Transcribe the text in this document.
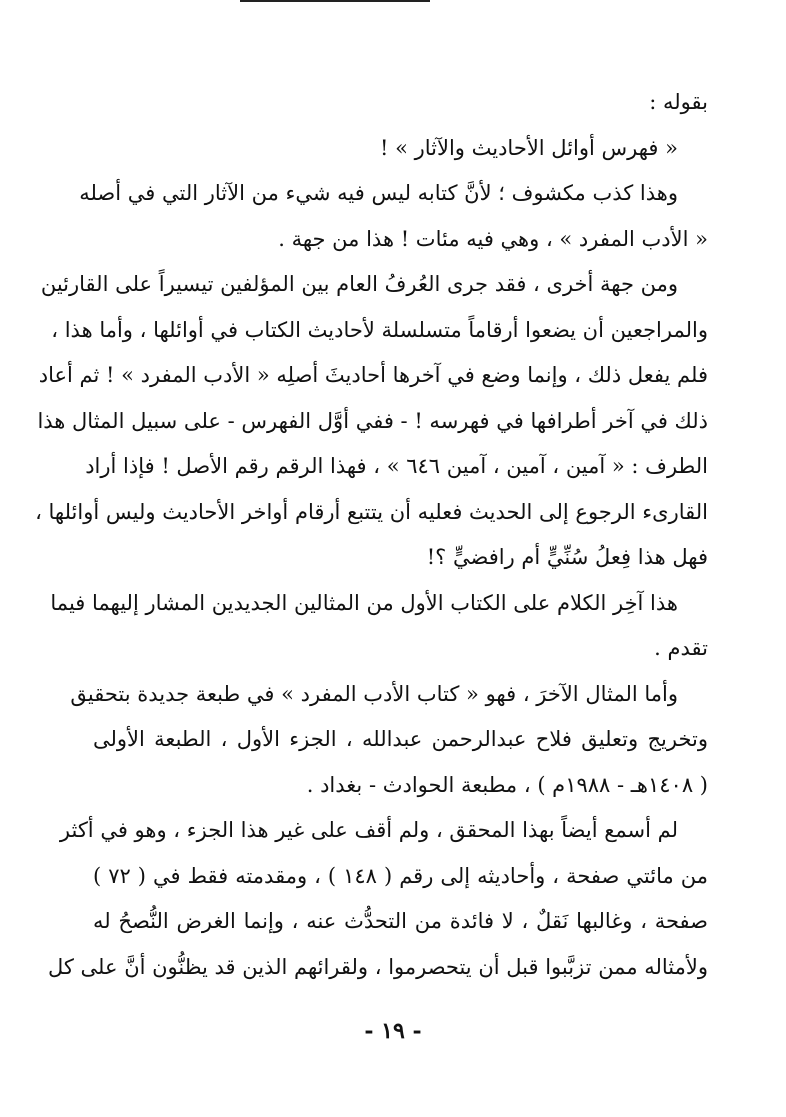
بقوله :
« فهرس أوائل الأحاديث والآثار » !
وهذا كذب مكشوف ؛ لأنَّ كتابه ليس فيه شيء من الآثار التي في أصله
« الأدب المفرد » ، وهي فيه مئات ! هذا من جهة .
ومن جهة أخرى ، فقد جرى العُرفُ العام بين المؤلفين تيسيراً على القارئين
والمراجعين أن يضعوا أرقاماً متسلسلة لأحاديث الكتاب في أوائلها ، وأما هذا ،
فلم يفعل ذلك ، وإنما وضع في آخرها أحاديثَ أصلِه « الأدب المفرد » ! ثم أعاد
ذلك في آخر أطرافها في فهرسه ! - ففي أوَّل الفهرس - على سبيل المثال هذا
الطرف : « آمين ، آمين ، آمين ٦٤٦ » ، فهذا الرقم رقم الأصل ! فإذا أراد
القارىء الرجوع إلى الحديث فعليه أن يتتبع أرقام أواخر الأحاديث وليس أوائلها ،
فهل هذا فِعلُ سُنِّيٍّ أم رافضيٍّ ؟!
هذا آخِر الكلام على الكتاب الأول من المثالين الجديدين المشار إليهما فيما
تقدم .
وأما المثال الآخرَ ، فهو « كتاب الأدب المفرد » في طبعة جديدة بتحقيق
وتخريج وتعليق فلاح عبدالرحمن عبدالله ، الجزء الأول ، الطبعة الأولى
( ١٤٠٨هـ - ١٩٨٨م ) ، مطبعة الحوادث - بغداد .
لم أسمع أيضاً بهذا المحقق ، ولم أقف على غير هذا الجزء ، وهو في أكثر
من مائتي صفحة ، وأحاديثه إلى رقم ( ١٤٨ ) ، ومقدمته فقط في ( ٧٢ )
صفحة ، وغالبها نَقلٌ ، لا فائدة من التحدُّث عنه ، وإنما الغرض النُّصحُ له
ولأمثاله ممن تزبَّبوا قبل أن يتحصرموا ، ولقرائهم الذين قد يظنُّون أنَّ على كل
- ١٩ -
